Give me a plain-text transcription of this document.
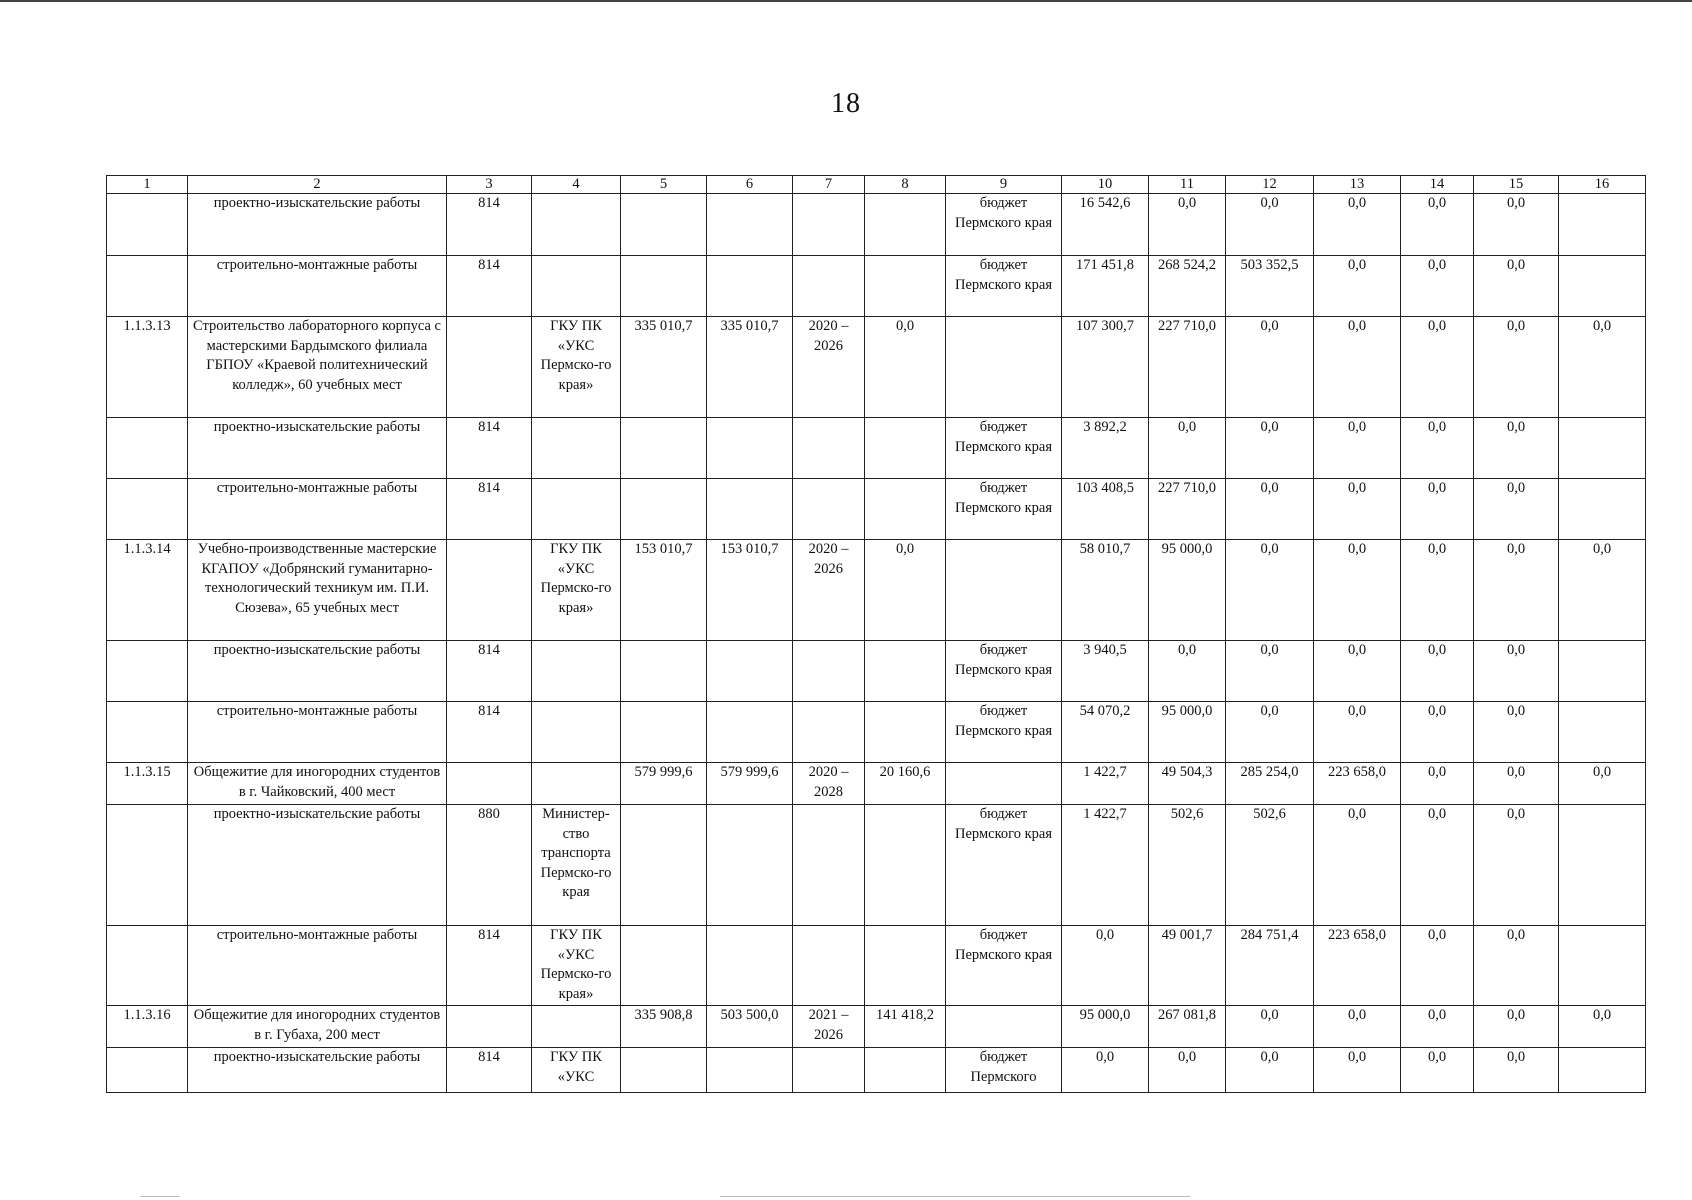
18
1	2	3	4	5	6	7	8	9	10	11	12	13	14	15	16
	проектно-изыскательские работы	814						бюджет Пермского края	16 542,6	0,0	0,0	0,0	0,0	0,0	
	строительно-монтажные работы	814						бюджет Пермского края	171 451,8	268 524,2	503 352,5	0,0	0,0	0,0	
1.1.3.13	Строительство лабораторного корпуса с мастерскими Бардымского филиала ГБПОУ «Краевой политехнический колледж», 60 учебных мест		ГКУ ПК «УКС Пермско-го края»	335 010,7	335 010,7	2020 – 2026	0,0		107 300,7	227 710,0	0,0	0,0	0,0	0,0	0,0
	проектно-изыскательские работы	814						бюджет Пермского края	3 892,2	0,0	0,0	0,0	0,0	0,0	
	строительно-монтажные работы	814						бюджет Пермского края	103 408,5	227 710,0	0,0	0,0	0,0	0,0	
1.1.3.14	Учебно-производственные мастерские КГАПОУ «Добрянский гуманитарно-технологический техникум им. П.И. Сюзева», 65 учебных мест		ГКУ ПК «УКС Пермско-го края»	153 010,7	153 010,7	2020 – 2026	0,0		58 010,7	95 000,0	0,0	0,0	0,0	0,0	0,0
	проектно-изыскательские работы	814						бюджет Пермского края	3 940,5	0,0	0,0	0,0	0,0	0,0	
	строительно-монтажные работы	814						бюджет Пермского края	54 070,2	95 000,0	0,0	0,0	0,0	0,0	
1.1.3.15	Общежитие для иногородних студентов в г. Чайковский, 400 мест			579 999,6	579 999,6	2020 – 2028	20 160,6		1 422,7	49 504,3	285 254,0	223 658,0	0,0	0,0	0,0
	проектно-изыскательские работы	880	Министер-ство транспорта Пермско-го края					бюджет Пермского края	1 422,7	502,6	502,6	0,0	0,0	0,0	
	строительно-монтажные работы	814	ГКУ ПК «УКС Пермско-го края»					бюджет Пермского края	0,0	49 001,7	284 751,4	223 658,0	0,0	0,0	
1.1.3.16	Общежитие для иногородних студентов в г. Губаха, 200 мест			335 908,8	503 500,0	2021 – 2026	141 418,2		95 000,0	267 081,8	0,0	0,0	0,0	0,0	0,0
	проектно-изыскательские работы	814	ГКУ ПК «УКС					бюджет Пермского	0,0	0,0	0,0	0,0	0,0	0,0	
